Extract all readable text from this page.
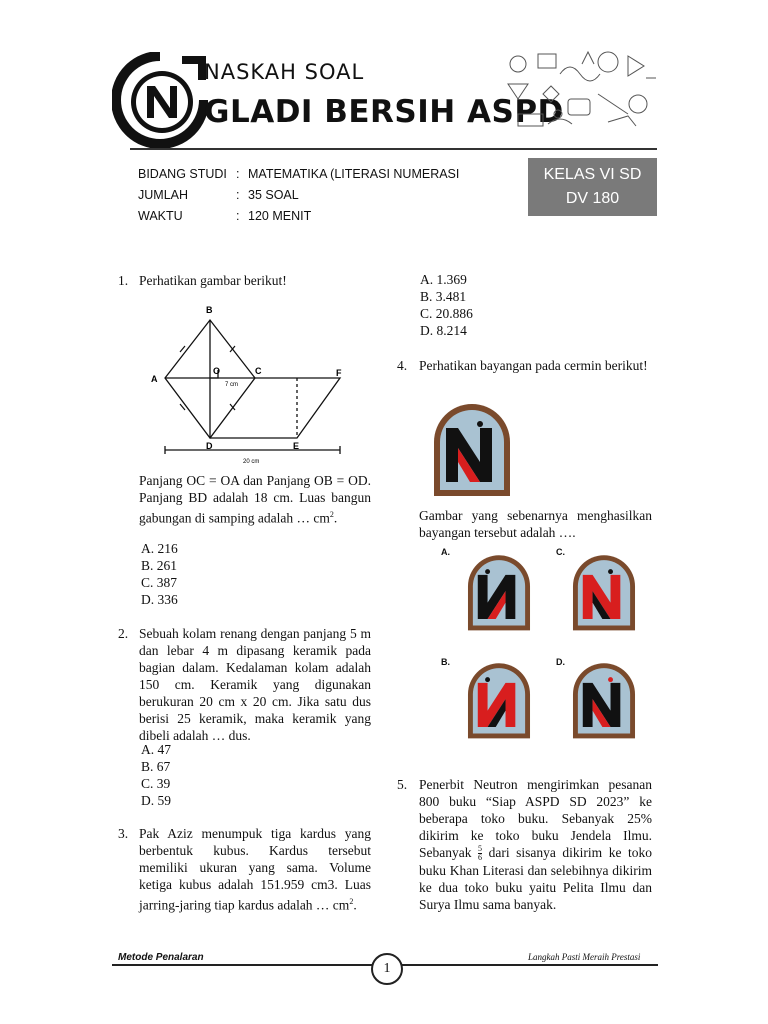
NASKAH SOAL
GLADI BERSIH ASPD
BIDANG STUDI : MATEMATIKA (LITERASI NUMERASI
JUMLAH	: 35 SOAL
WAKTU	: 120 MENIT
KELAS VI SD
DV 180
1. Perhatikan gambar berikut!
B
A
O	C	F
D	E
7 cm
20 cm
Panjang OC = OA dan Panjang OB = OD. Panjang BD adalah 18 cm. Luas bangun gabungan di samping adalah … $cm^2$.
A. 216
B. 261
C. 387
D. 336
2. Sebuah kolam renang dengan panjang 5 m dan lebar 4 m dipasang keramik pada bagian dalam. Kedalaman kolam adalah 150 cm. Keramik yang digunakan berukuran 20 cm x 20 cm. Jika satu dus berisi 25 keramik, maka keramik yang dibeli adalah … dus.
A. 47
B. 67
C. 39
D. 59
3. Pak Aziz menumpuk tiga kardus yang berbentuk kubus. Kardus tersebut memiliki ukuran yang sama. Volume ketiga kubus adalah 151.959 cm3. Luas jarring-jaring tiap kardus adalah … $cm^2$.
A. 1.369
B. 3.481
C. 20.886
D. 8.214
4. Perhatikan bayangan pada cermin berikut!
Gambar yang sebenarnya menghasilkan bayangan tersebut adalah ….
A.	C.
B.	D.
5. Penerbit Neutron mengirimkan pesanan 800 buku “Siap ASPD SD 2023” ke beberapa toko buku. Sebanyak 25% dikirim ke toko buku Jendela Ilmu. Sebanyak $\frac{5}{6}$ dari sisanya dikirim ke toko buku Khan Literasi dan selebihnya dikirim ke dua toko buku yaitu Pelita Ilmu dan Surya Ilmu sama banyak.
Metode Penalaran	Langkah Pasti Meraih Prestasi
1
